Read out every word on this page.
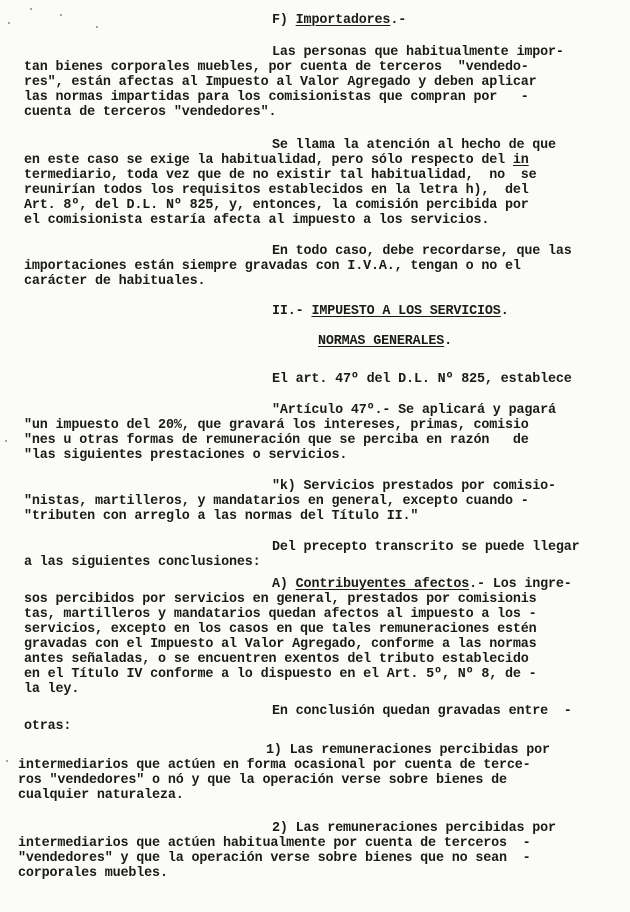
F) Importadores.-
Las personas que habitualmente impor-
tan bienes corporales muebles, por cuenta de terceros  "vendedo-
res", están afectas al Impuesto al Valor Agregado y deben aplicar
las normas impartidas para los comisionistas que compran por   -
cuenta de terceros "vendedores".
Se llama la atención al hecho de que
en este caso se exige la habitualidad, pero sólo respecto del in
termediario, toda vez que de no existir tal habitualidad,  no  se
reunirían todos los requisitos establecidos en la letra h),  del
Art. 8º, del D.L. Nº 825, y, entonces, la comisión percibida por
el comisionista estaría afecta al impuesto a los servicios.
En todo caso, debe recordarse, que las
importaciones están siempre gravadas con I.V.A., tengan o no el
carácter de habituales.
II.- IMPUESTO A LOS SERVICIOS.
NORMAS GENERALES.
El art. 47º del D.L. Nº 825, establece
"Artículo 47º.- Se aplicará y pagará
"un impuesto del 20%, que gravará los intereses, primas, comisio
"nes u otras formas de remuneración que se perciba en razón   de
"las siguientes prestaciones o servicios.
"k) Servicios prestados por comisio-
"nistas, martilleros, y mandatarios en general, excepto cuando -
"tributen con arreglo a las normas del Título II."
Del precepto transcrito se puede llegar
a las siguientes conclusiones:
A) Contribuyentes afectos.- Los ingre-
sos percibidos por servicios en general, prestados por comisionis
tas, martilleros y mandatarios quedan afectos al impuesto a los -
servicios, excepto en los casos en que tales remuneraciones estén
gravadas con el Impuesto al Valor Agregado, conforme a las normas
antes señaladas, o se encuentren exentos del tributo establecido
en el Título IV conforme a lo dispuesto en el Art. 5º, Nº 8, de -
la ley.
En conclusión quedan gravadas entre  -
otras:
1) Las remuneraciones percibidas por
intermediarios que actúen en forma ocasional por cuenta de terce-
ros "vendedores" o nó y que la operación verse sobre bienes de
cualquier naturaleza.
2) Las remuneraciones percibidas por
intermediarios que actúen habitualmente por cuenta de terceros  -
"vendedores" y que la operación verse sobre bienes que no sean  -
corporales muebles.
